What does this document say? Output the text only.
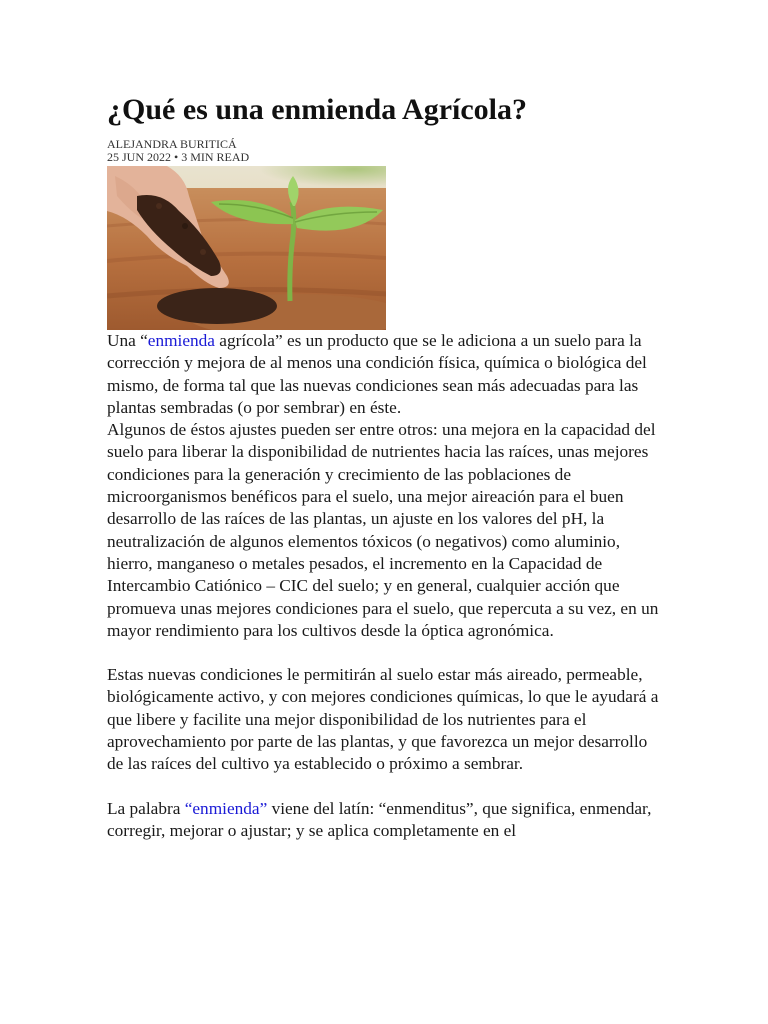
¿Qué es una enmienda Agrícola?
ALEJANDRA BURITICÁ
25 JUN 2022 • 3 MIN READ

Una “enmienda agrícola” es un producto que se le adiciona a un suelo para la corrección y mejora de al menos una condición física, química o biológica del mismo, de forma tal que las nuevas condiciones sean más adecuadas para las plantas sembradas (o por sembrar) en éste.

Algunos de éstos ajustes pueden ser entre otros: una mejora en la capacidad del suelo para liberar la disponibilidad de nutrientes hacia las raíces, unas mejores condiciones para la generación y crecimiento de las poblaciones de microorganismos benéficos para el suelo, una mejor aireación para el buen desarrollo de las raíces de las plantas, un ajuste en los valores del pH, la neutralización de algunos elementos tóxicos (o negativos) como aluminio, hierro, manganeso o metales pesados, el incremento en la Capacidad de Intercambio Catiónico – CIC del suelo; y en general, cualquier acción que promueva unas mejores condiciones para el suelo, que repercuta a su vez, en un mayor rendimiento para los cultivos desde la óptica agronómica.

Estas nuevas condiciones le permitirán al suelo estar más aireado, permeable, biológicamente activo, y con mejores condiciones químicas, lo que le ayudará a que libere y facilite una mejor disponibilidad de los nutrientes para el aprovechamiento por parte de las plantas, y que favorezca un mejor desarrollo de las raíces del cultivo ya establecido o próximo a sembrar.

La palabra “enmienda” viene del latín: “enmenditus”, que significa, enmendar, corregir, mejorar o ajustar; y se aplica completamente en el
